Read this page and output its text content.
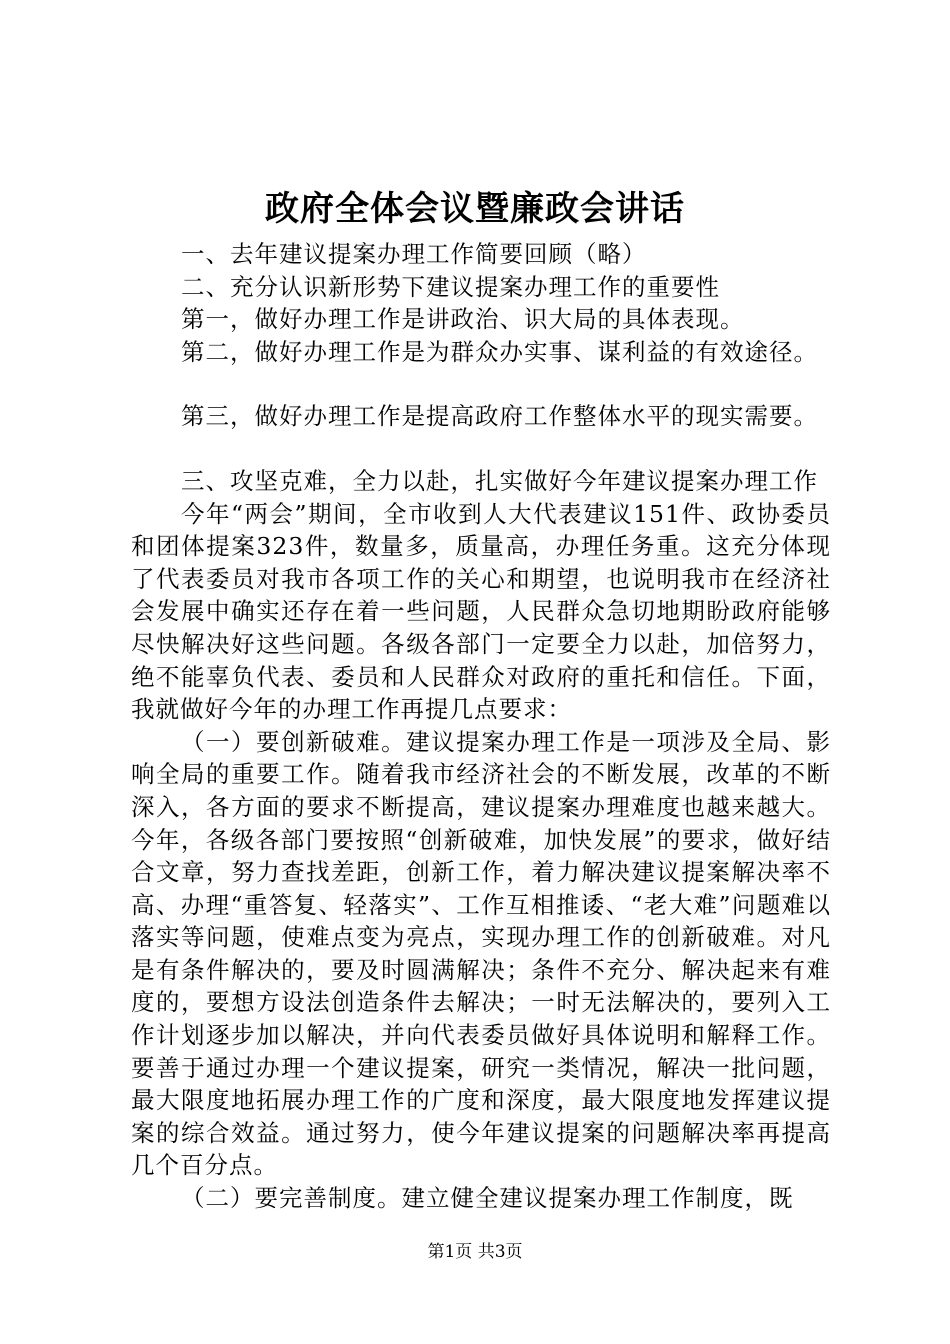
政府全体会议暨廉政会讲话

一、去年建议提案办理工作简要回顾（略）

二、充分认识新形势下建议提案办理工作的重要性

第一，做好办理工作是讲政治、识大局的具体表现。

第二，做好办理工作是为群众办实事、谋利益的有效途径。

第三，做好办理工作是提高政府工作整体水平的现实需要。

三、攻坚克难，全力以赴，扎实做好今年建议提案办理工作

今年“两会”期间，全市收到人大代表建议151件、政协委员和团体提案323件，数量多，质量高，办理任务重。这充分体现了代表委员对我市各项工作的关心和期望，也说明我市在经济社会发展中确实还存在着一些问题，人民群众急切地期盼政府能够尽快解决好这些问题。各级各部门一定要全力以赴，加倍努力，绝不能辜负代表、委员和人民群众对政府的重托和信任。下面，我就做好今年的办理工作再提几点要求：

（一）要创新破难。建议提案办理工作是一项涉及全局、影响全局的重要工作。随着我市经济社会的不断发展，改革的不断深入，各方面的要求不断提高，建议提案办理难度也越来越大。今年，各级各部门要按照“创新破难，加快发展”的要求，做好结合文章，努力查找差距，创新工作，着力解决建议提案解决率不高、办理“重答复、轻落实”、工作互相推诿、“老大难”问题难以落实等问题，使难点变为亮点，实现办理工作的创新破难。对凡是有条件解决的，要及时圆满解决；条件不充分、解决起来有难度的，要想方设法创造条件去解决；一时无法解决的，要列入工作计划逐步加以解决，并向代表委员做好具体说明和解释工作。要善于通过办理一个建议提案，研究一类情况，解决一批问题，最大限度地拓展办理工作的广度和深度，最大限度地发挥建议提案的综合效益。通过努力，使今年建议提案的问题解决率再提高几个百分点。

（二）要完善制度。建立健全建议提案办理工作制度，既

第1页 共3页
